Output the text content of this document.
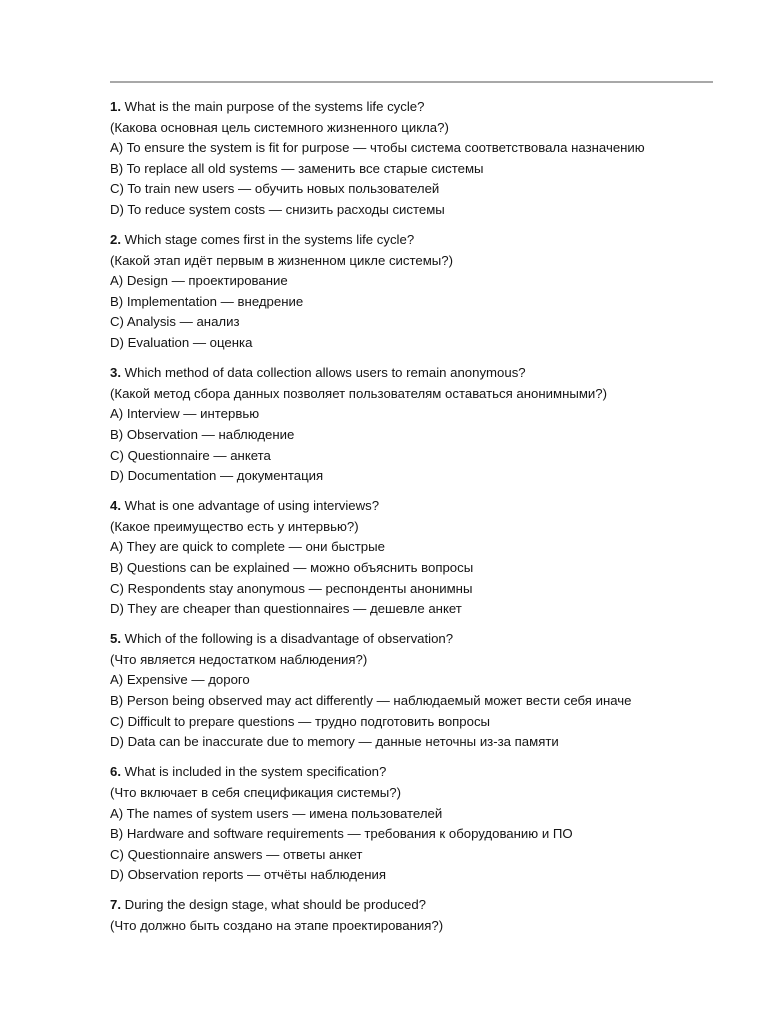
1. What is the main purpose of the systems life cycle?
(Какова основная цель системного жизненного цикла?)
A) To ensure the system is fit for purpose — чтобы система соответствовала назначению
B) To replace all old systems — заменить все старые системы
C) To train new users — обучить новых пользователей
D) To reduce system costs — снизить расходы системы
2. Which stage comes first in the systems life cycle?
(Какой этап идёт первым в жизненном цикле системы?)
A) Design — проектирование
B) Implementation — внедрение
C) Analysis — анализ
D) Evaluation — оценка
3. Which method of data collection allows users to remain anonymous?
(Какой метод сбора данных позволяет пользователям оставаться анонимными?)
A) Interview — интервью
B) Observation — наблюдение
C) Questionnaire — анкета
D) Documentation — документация
4. What is one advantage of using interviews?
(Какое преимущество есть у интервью?)
A) They are quick to complete — они быстрые
B) Questions can be explained — можно объяснить вопросы
C) Respondents stay anonymous — респонденты анонимны
D) They are cheaper than questionnaires — дешевле анкет
5. Which of the following is a disadvantage of observation?
(Что является недостатком наблюдения?)
A) Expensive — дорого
B) Person being observed may act differently — наблюдаемый может вести себя иначе
C) Difficult to prepare questions — трудно подготовить вопросы
D) Data can be inaccurate due to memory — данные неточны из-за памяти
6. What is included in the system specification?
(Что включает в себя спецификация системы?)
A) The names of system users — имена пользователей
B) Hardware and software requirements — требования к оборудованию и ПО
C) Questionnaire answers — ответы анкет
D) Observation reports — отчёты наблюдения
7. During the design stage, what should be produced?
(Что должно быть создано на этапе проектирования?)
